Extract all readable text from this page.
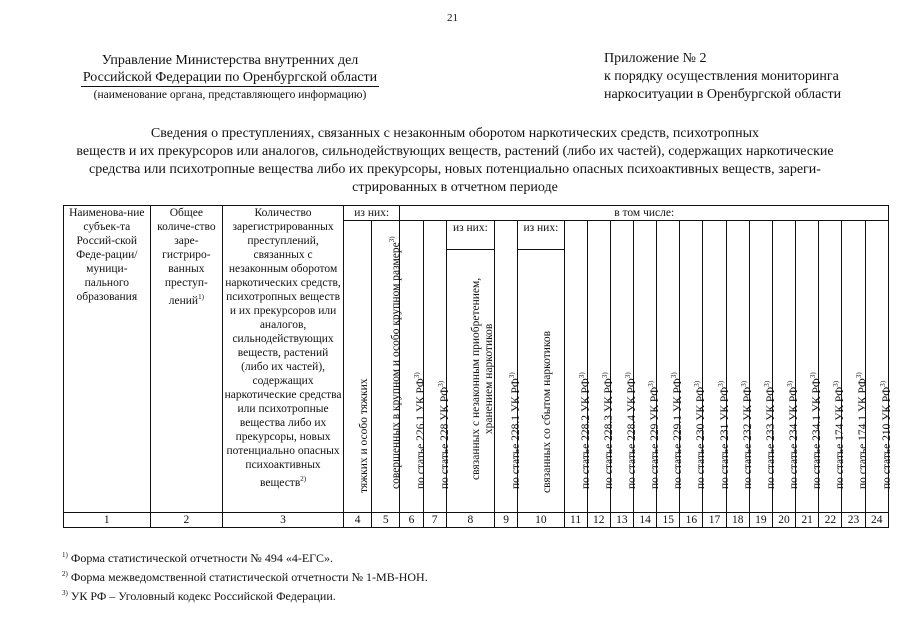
21
Управление Министерства внутренних дел
Российской Федерации по Оренбургской области
(наименование органа, представляющего информацию)
Приложение № 2
к порядку осуществления мониторинга
наркоситуации в Оренбургской области
Сведения о преступлениях, связанных с незаконным оборотом наркотических средств, психотропных
веществ и их прекурсоров или аналогов, сильнодействующих веществ, растений (либо их частей), содержащих наркотические
средства или психотропные вещества либо их прекурсоры, новых потенциально опасных психоактивных веществ, зареги-
стрированных в отчетном периоде
Наименова-ние субъек-та Россий-ской Феде-рации/ муници-пального образования	Общее количе-ство заре-гистриро-ванных преступ-лений$^{1)}$	Количество зарегистрированных преступлений, связанных с незаконным оборотом наркотических средств, психотропных веществ и их прекурсоров или аналогов, сильнодействующих веществ, растений (либо их частей), содержащих наркотические средства или психотропные вещества либо их прекурсоры, новых потенциально опасных психоактивных веществ$^{2)}$	из них:		в том числе:																		

			тяжких и особо тяжких	совершенных в крупном и особо крупном размере$^{3)}$	по статье 226.1 УК РФ$^{3)}$	по статье 228 УК РФ$^{3)}$	из них:	по статье 228.1 УК РФ$^{3)}$	из них:	по статье 228.2 УК РФ$^{3)}$	по статье 228.3 УК РФ$^{3)}$	по статье 228.4 УК РФ$^{3)}$	по статье 229 УК РФ$^{3)}$	по статье 229.1 УК РФ$^{3)}$	по статье 230 УК РФ$^{3)}$	по статье 231 УК РФ$^{3)}$	по статье 232 УК РФ$^{3)}$	по статье 233 УК РФ$^{3)}$	по статье 234 УК РФ$^{3)}$	по статье 234.1 УК РФ$^{3)}$	по статье 174 УК РФ$^{3)}$	по статье 174.1 УК РФ$^{3)}$	по статье 210 УК РФ$^{3)}$

							связанных с незаконным приобретением, хранением наркотиков		связанных со сбытом наркотиков														

1	2	3	4	5	6	7	8	9	10	11	12	13	14	15	16	17	18	19	20	21	22	23	24
$^{1)}$ Форма статистической отчетности № 494 «4-ЕГС».
$^{2)}$ Форма межведомственной статистической отчетности № 1-МВ-НОН.
$^{3)}$ УК РФ – Уголовный кодекс Российской Федерации.
